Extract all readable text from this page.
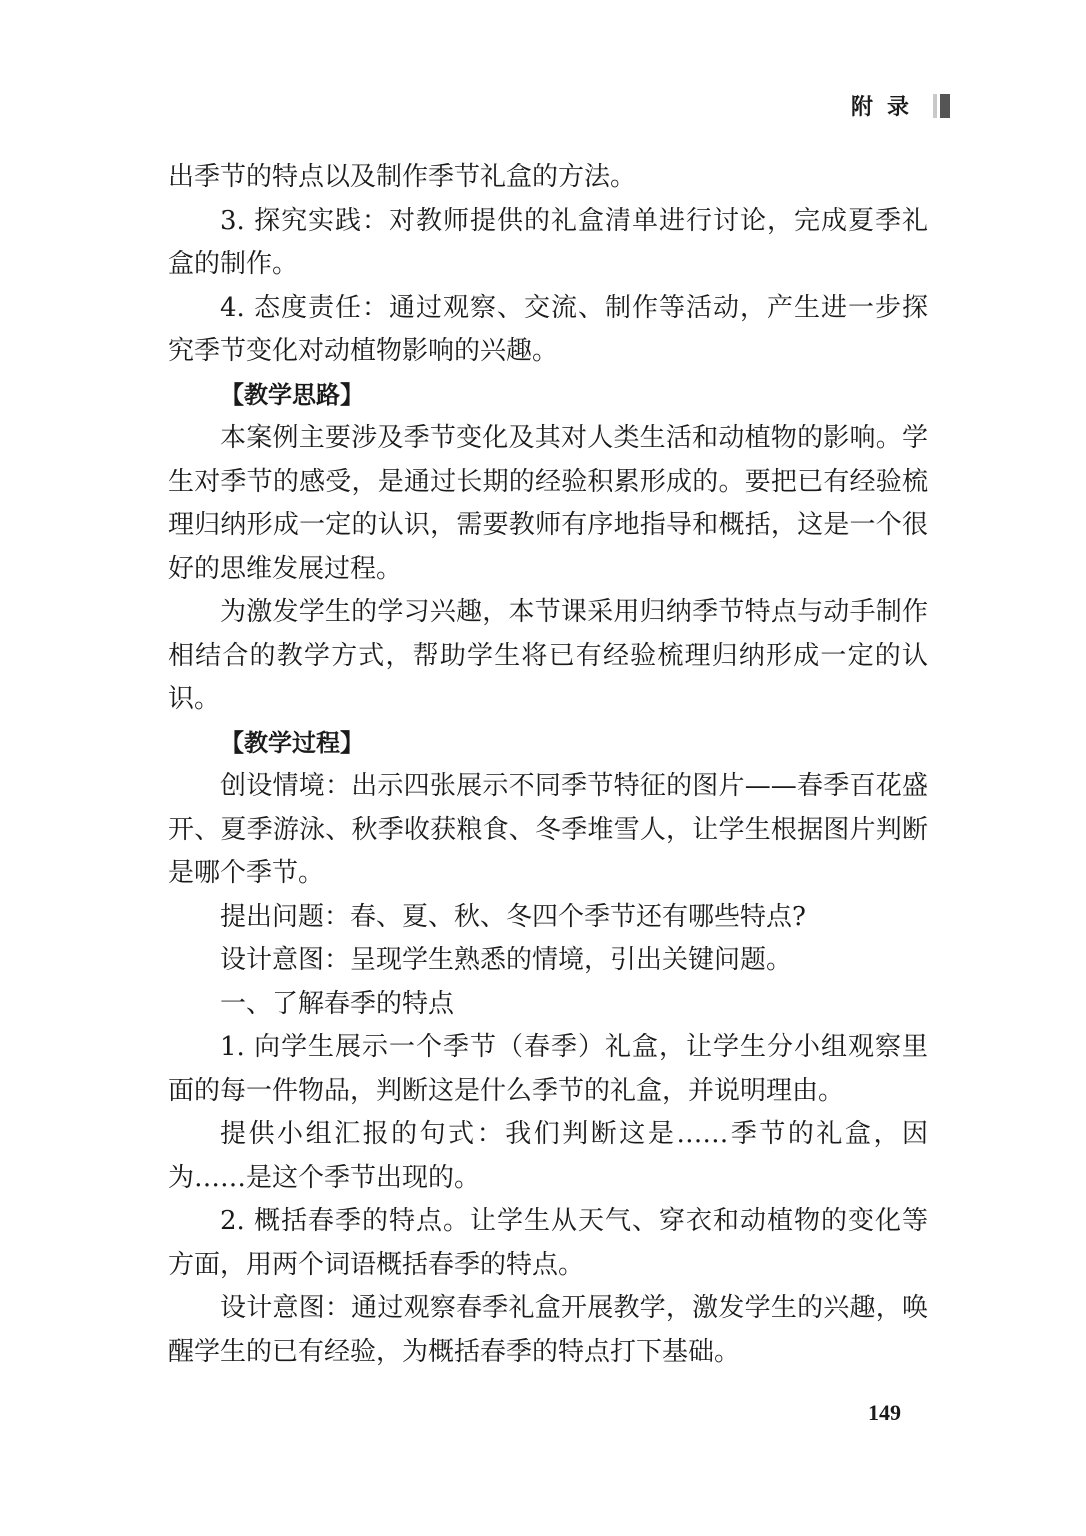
附录

出季节的特点以及制作季节礼盒的方法。

3. 探究实践：对教师提供的礼盒清单进行讨论，完成夏季礼盒的制作。

4. 态度责任：通过观察、交流、制作等活动，产生进一步探究季节变化对动植物影响的兴趣。

【教学思路】

本案例主要涉及季节变化及其对人类生活和动植物的影响。学生对季节的感受，是通过长期的经验积累形成的。要把已有经验梳理归纳形成一定的认识，需要教师有序地指导和概括，这是一个很好的思维发展过程。

为激发学生的学习兴趣，本节课采用归纳季节特点与动手制作相结合的教学方式，帮助学生将已有经验梳理归纳形成一定的认识。

【教学过程】

创设情境：出示四张展示不同季节特征的图片——春季百花盛开、夏季游泳、秋季收获粮食、冬季堆雪人，让学生根据图片判断是哪个季节。

提出问题：春、夏、秋、冬四个季节还有哪些特点?

设计意图：呈现学生熟悉的情境，引出关键问题。

一、了解春季的特点

1. 向学生展示一个季节（春季）礼盒，让学生分小组观察里面的每一件物品，判断这是什么季节的礼盒，并说明理由。

提供小组汇报的句式：我们判断这是……季节的礼盒，因为……是这个季节出现的。

2. 概括春季的特点。让学生从天气、穿衣和动植物的变化等方面，用两个词语概括春季的特点。

设计意图：通过观察春季礼盒开展教学，激发学生的兴趣，唤醒学生的已有经验，为概括春季的特点打下基础。

149
